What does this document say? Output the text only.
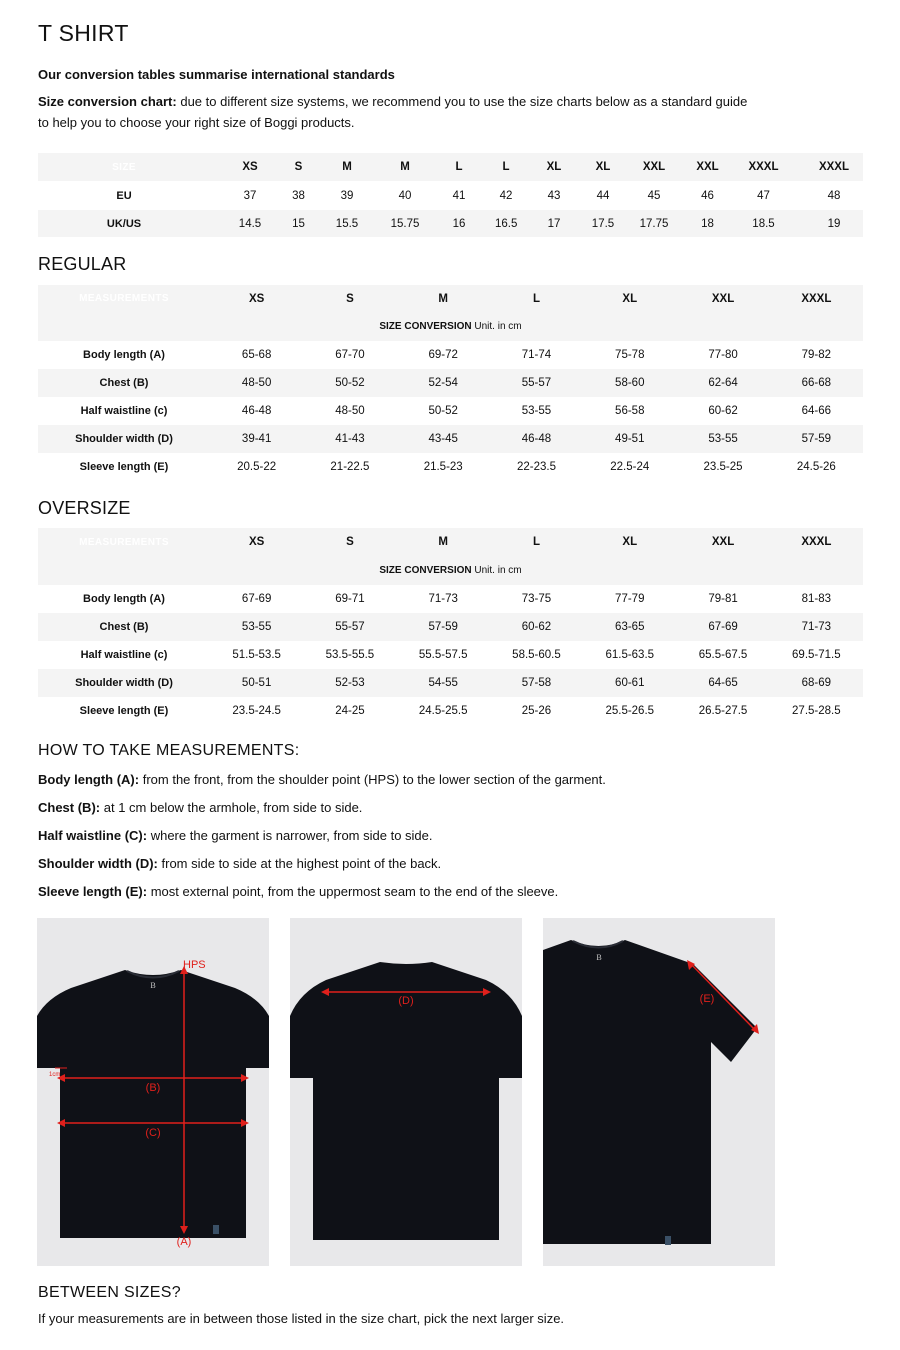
T SHIRT
Our conversion tables summarise international standards
Size conversion chart: due to different size systems, we recommend you to use the size charts below as a standard guide
to help you to choose your right size of Boggi products.
SIZE	XS	S	M	M	L	L	XL	XL	XXL	XXL	XXXL	XXXL
EU	37	38	39	40	41	42	43	44	45	46	47	48
UK/US	14.5	15	15.5	15.75	16	16.5	17	17.5	17.75	18	18.5	19
REGULAR
MEASUREMENTS	XS	S	M	L	XL	XXL	XXXL
SIZE CONVERSION Unit. in cm							
Body length (A)	65-68	67-70	69-72	71-74	75-78	77-80	79-82
Chest (B)	48-50	50-52	52-54	55-57	58-60	62-64	66-68
Half waistline (c)	46-48	48-50	50-52	53-55	56-58	60-62	64-66
Shoulder width (D)	39-41	41-43	43-45	46-48	49-51	53-55	57-59
Sleeve length (E)	20.5-22	21-22.5	21.5-23	22-23.5	22.5-24	23.5-25	24.5-26
OVERSIZE
MEASUREMENTS	XS	S	M	L	XL	XXL	XXXL
SIZE CONVERSION Unit. in cm							
Body length (A)	67-69	69-71	71-73	73-75	77-79	79-81	81-83
Chest (B)	53-55	55-57	57-59	60-62	63-65	67-69	71-73
Half waistline (c)	51.5-53.5	53.5-55.5	55.5-57.5	58.5-60.5	61.5-63.5	65.5-67.5	69.5-71.5
Shoulder width (D)	50-51	52-53	54-55	57-58	60-61	64-65	68-69
Sleeve length (E)	23.5-24.5	24-25	24.5-25.5	25-26	25.5-26.5	26.5-27.5	27.5-28.5
HOW TO TAKE MEASUREMENTS:
Body length (A): from the front, from the shoulder point (HPS) to the lower section of the garment.
Chest (B): at 1 cm below the armhole, from side to side.
Half waistline (C): where the garment is narrower, from side to side.
Shoulder width (D): from side to side at the highest point of the back.
Sleeve length (E): most external point, from the uppermost seam to the end of the sleeve.
B
HPS
(B)
(C)
(A)
1cm
(D)
B
(E)
BETWEEN SIZES?
If your measurements are in between those listed in the size chart, pick the next larger size.
